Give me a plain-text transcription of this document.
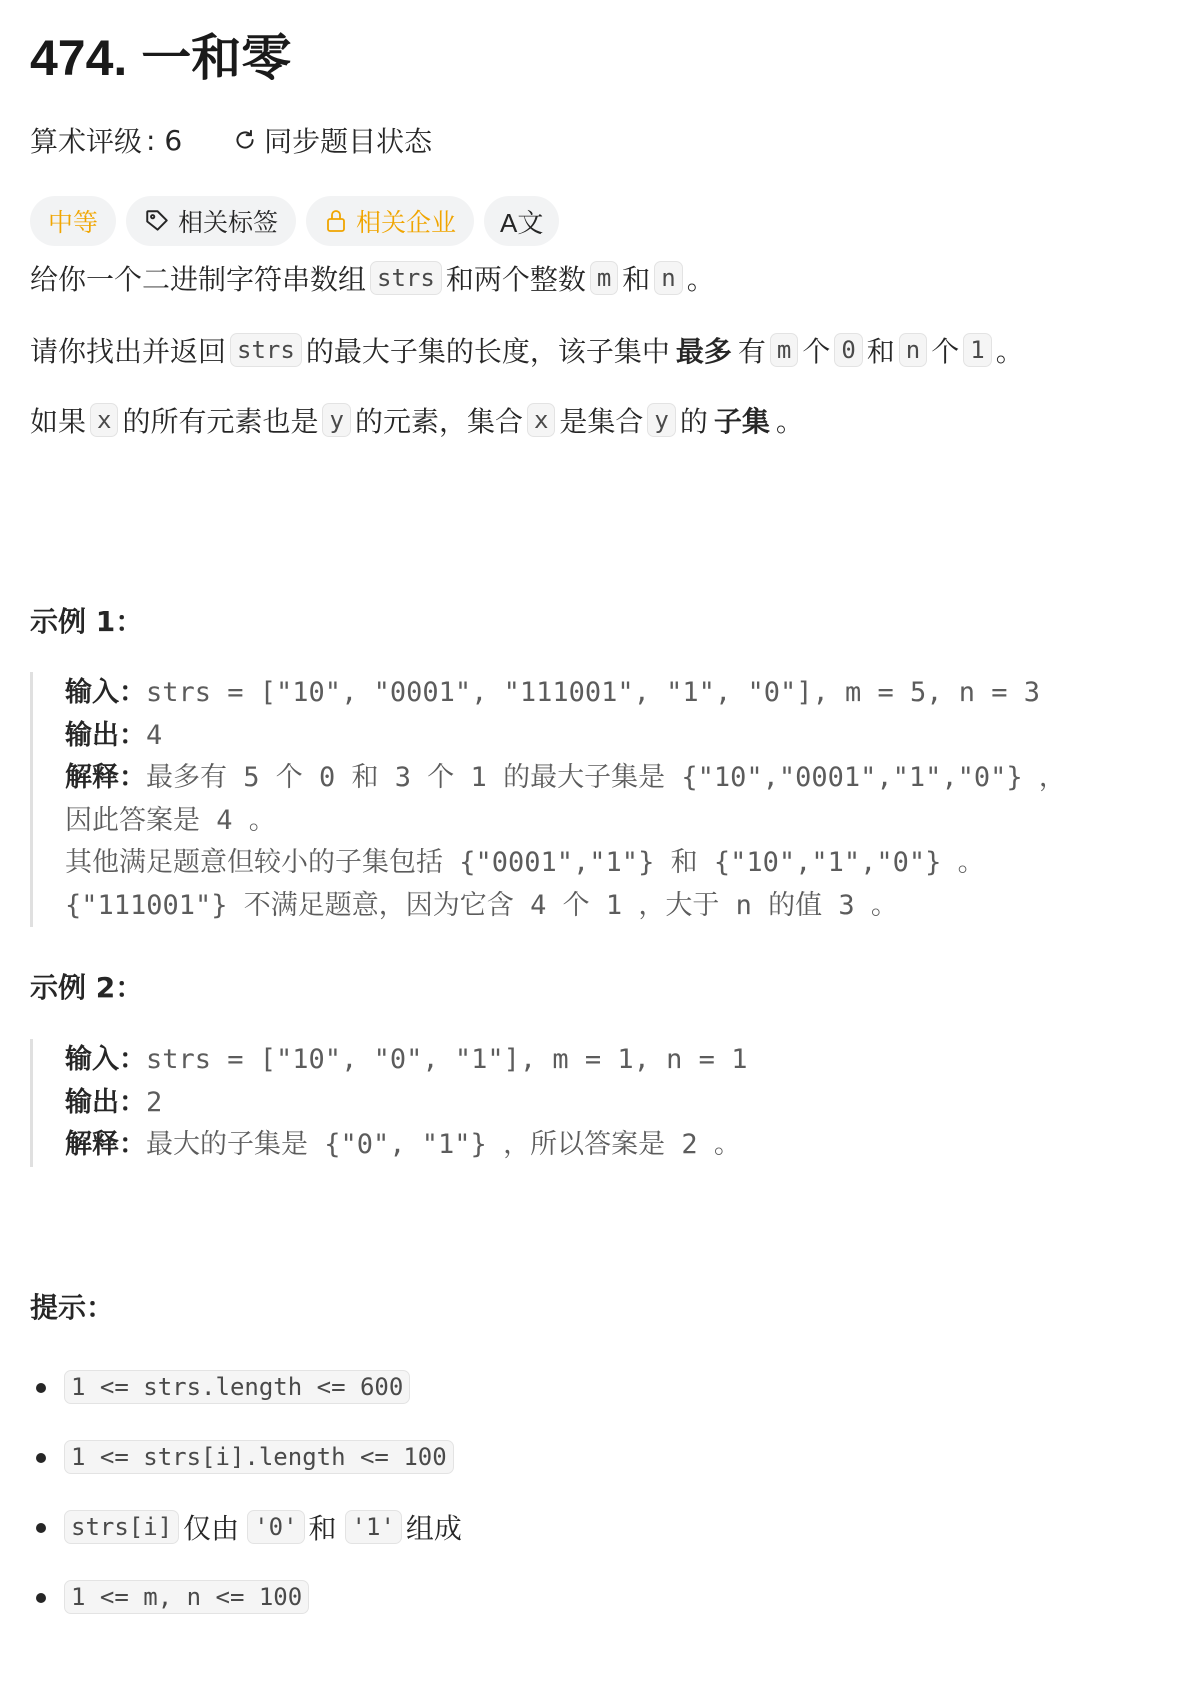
474. 一和零
算术评级 : 6	同步题目状态
中等	相关标签	相关企业 A文
给你一个二进制字符串数组 strs 和两个整数 m 和 n 。
请你找出并返回 strs 的最大子集的长度，该子集中 最多 有 m 个 0 和 n 个 1 。
如果 x 的所有元素也是 y 的元素，集合 x 是集合 y 的 子集 。
示例 1：
输入：strs = ["10", "0001", "111001", "1", "0"], m = 5, n = 3
输出：4
解释：最多有 5 个 0 和 3 个 1 的最大子集是 {"10","0001","1","0"} ，
因此答案是 4 。
其他满足题意但较小的子集包括 {"0001","1"} 和 {"10","1","0"} 。
{"111001"} 不满足题意，因为它含 4 个 1 ，大于 n 的值 3 。
示例 2：
输入：strs = ["10", "0", "1"], m = 1, n = 1
输出：2
解释：最大的子集是 {"0", "1"} ，所以答案是 2 。
提示：
1 <= strs.length <= 600
1 <= strs[i].length <= 100
strs[i] 仅由 '0' 和 '1' 组成
1 <= m, n <= 100
